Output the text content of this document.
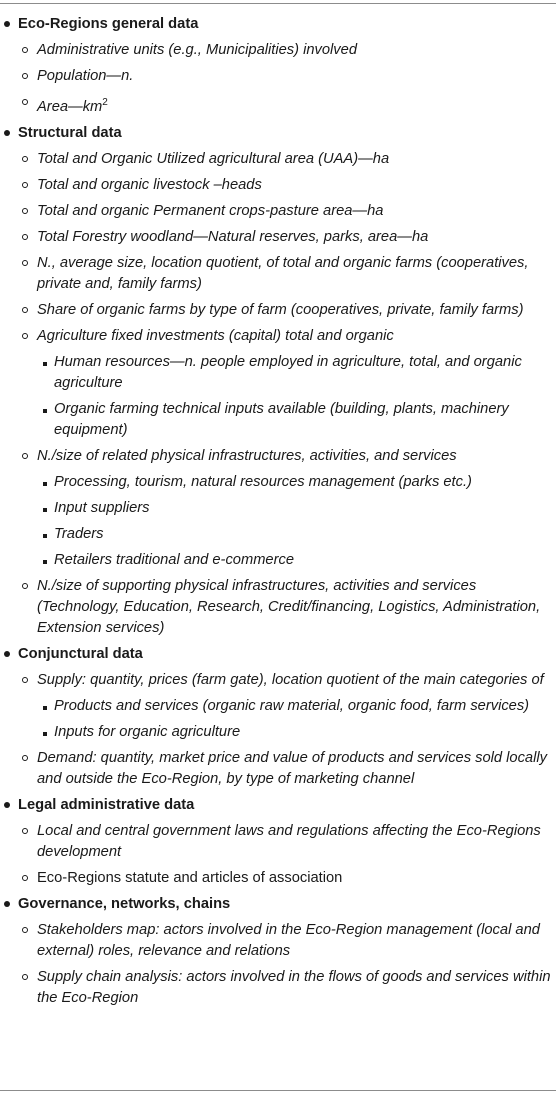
Eco-Regions general data
Administrative units (e.g., Municipalities) involved
Population—n.
$Area—km^2$
Structural data
Total and Organic Utilized agricultural area (UAA)—ha
Total and organic livestock –heads
Total and organic Permanent crops-pasture area—ha
Total Forestry woodland—Natural reserves, parks, area—ha
N., average size, location quotient, of total and organic farms (cooperatives, private and, family farms)
Share of organic farms by type of farm (cooperatives, private, family farms)
Agriculture fixed investments (capital) total and organic
Human resources—n. people employed in agriculture, total, and organic agriculture
Organic farming technical inputs available (building, plants, machinery equipment)
N./size of related physical infrastructures, activities, and services
Processing, tourism, natural resources management (parks etc.)
Input suppliers
Traders
Retailers traditional and e-commerce
N./size of supporting physical infrastructures, activities and services (Technology, Education, Research, Credit/financing, Logistics, Administration, Extension services)
Conjunctural data
Supply: quantity, prices (farm gate), location quotient of the main categories of
Products and services (organic raw material, organic food, farm services)
Inputs for organic agriculture
Demand: quantity, market price and value of products and services sold locally and outside the Eco-Region, by type of marketing channel
Legal administrative data
Local and central government laws and regulations affecting the Eco-Regions development
Eco-Regions statute and articles of association
Governance, networks, chains
Stakeholders map: actors involved in the Eco-Region management (local and external) roles, relevance and relations
Supply chain analysis: actors involved in the flows of goods and services within the Eco-Region
